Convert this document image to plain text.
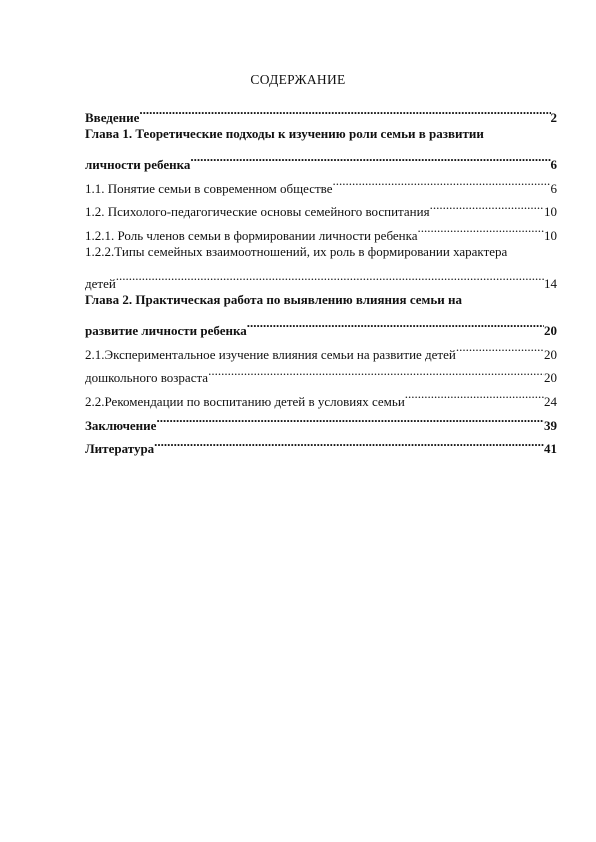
СОДЕРЖАНИЕ
Введение .....	2
Глава 1. Теоретические подходы к изучению роли семьи в развитии
личности ребенка .....	6
1.1. Понятие семьи в современном обществе .....	6
1.2. Психолого-педагогические основы семейного воспитания .....	10
1.2.1. Роль членов семьи в формировании личности ребенка .....	10
1.2.2.Типы семейных взаимоотношений, их роль в формировании характера
детей .....	14
Глава 2. Практическая работа по выявлению влияния семьи на
развитие личности ребенка .....	20
2.1.Экспериментальное изучение влияния семьи на развитие детей .....	20
дошкольного возраста .....	20
2.2.Рекомендации по воспитанию детей в условиях семьи .....	24
Заключение .....	39
Литература .....	41
